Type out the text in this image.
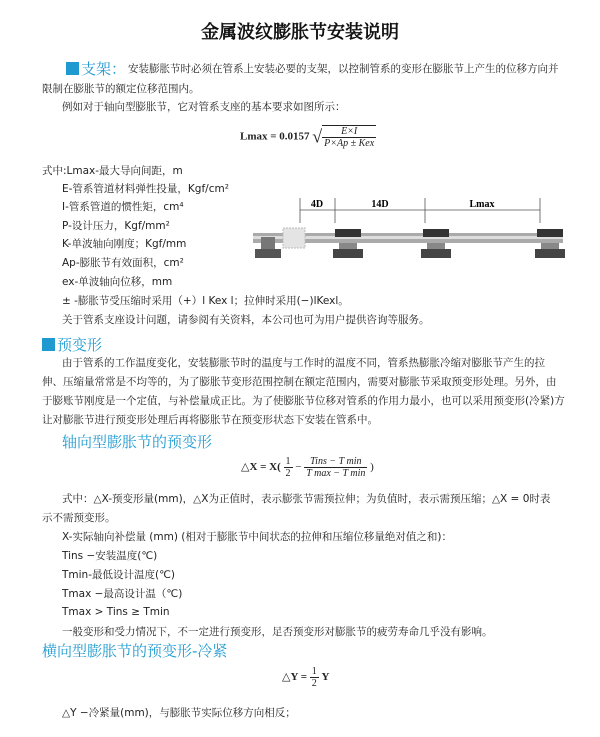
金属波纹膨胀节安装说明
支架： 安装膨胀节时必须在管系上安装必要的支架，以控制管系的变形在膨胀节上产生的位移方向并
限制在膨胀节的额定位移范围内。
例如对于轴向型膨胀节，它对管系支座的基本要求如图所示：
Lmax = 0.0157 √ $\frac{E\times I}{\text{P×Ap ± Kex}}$
式中:Lmax-最大导向间距，m
E-管系管道材料弹性投量，Kgf/cm²
I-管系管道的惯性矩，cm⁴
P-设计压力，Kgf/mm²
K-单波轴向刚度；Kgf/mm
Ap-膨胀节有效面积，cm²
ex-单波轴向位移，mm
± -膨胀节受压缩时采用（+）l Kex l；拉伸时采用(−)lKexl。
关于管系支座设计问题，请参阅有关资料，本公司也可为用户提供咨询等服务。
4D	14D	Lmax
预变形
由于管系的工作温度变化，安装膨胀节时的温度与工作时的温度不同，管系热膨胀冷缩对膨胀节产生的拉
伸、压缩量常常是不均等的，为了膨胀节变形范围控制在额定范围内，需要对膨胀节采取预变形处理。另外，由
于膨账节刚度是一个定值，与补偿量成正比。为了使膨胀节位移对管系的作用力最小，也可以采用预变形(冷紧)方
让对膨胀节进行预变形处理后再将膨胀节在预变形状态下安装在管系中。
轴向型膨胀节的预变形
△X = $X( \frac{1}{2} - \frac{\text{Tins − T min}}{\text{T max − T min}}$ )
式中：△X-预变形量(mm)，△X为正值时，表示膨张节需预拉伸；为负值时，表示需预压缩；△X = 0时表
示不需预变形。
X-实际轴向补偿量 (mm) (相对于膨胀节中间状态的拉伸和压缩位移量绝对值之和)：
Tins −安装温度(℃)
Tmin-最低设计温度(℃)
Tmax −最高设计温（℃)
Tmax > Tins ≥ Tmin
一般变形和受力情况下，不一定进行预变形，足否预变形对膨胀节的疲劳寿命几乎没有影响。
横向型膨胀节的预变形-冷紧
△Y = $\frac{1}{2}$ Y
△Y −冷紧量(mm)，与膨胀节实际位移方向相反；
